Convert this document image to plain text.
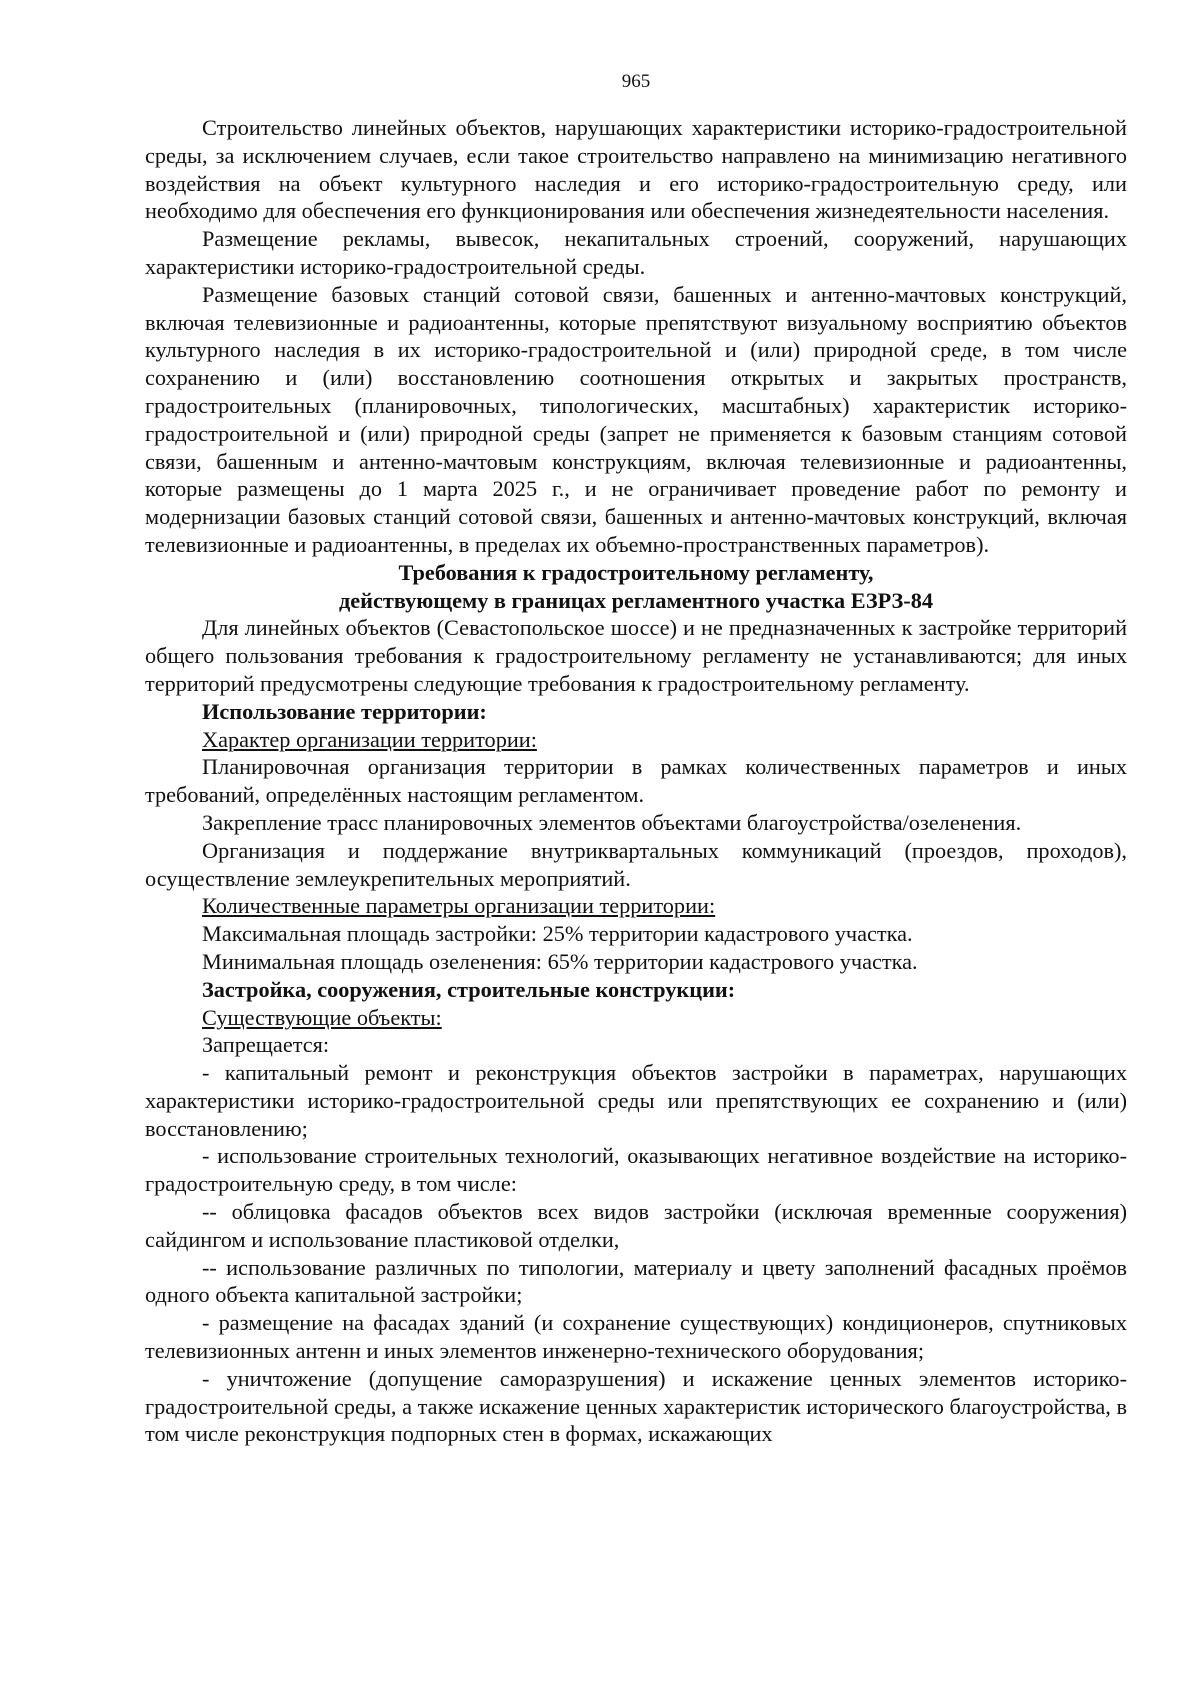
965

Строительство линейных объектов, нарушающих характеристики историко-градостроительной среды, за исключением случаев, если такое строительство направлено на минимизацию негативного воздействия на объект культурного наследия и его историко-градостроительную среду, или необходимо для обеспечения его функционирования или обеспечения жизнедеятельности населения.

Размещение рекламы, вывесок, некапитальных строений, сооружений, нарушающих характеристики историко-градостроительной среды.

Размещение базовых станций сотовой связи, башенных и антенно-мачтовых конструкций, включая телевизионные и радиоантенны, которые препятствуют визуальному восприятию объектов культурного наследия в их историко-градостроительной и (или) природной среде, в том числе сохранению и (или) восстановлению соотношения открытых и закрытых пространств, градостроительных (планировочных, типологических, масштабных) характеристик историко-градостроительной и (или) природной среды (запрет не применяется к базовым станциям сотовой связи, башенным и антенно-мачтовым конструкциям, включая телевизионные и радиоантенны, которые размещены до 1 марта 2025 г., и не ограничивает проведение работ по ремонту и модернизации базовых станций сотовой связи, башенных и антенно-мачтовых конструкций, включая телевизионные и радиоантенны, в пределах их объемно-пространственных параметров).

Требования к градостроительному регламенту,
действующему в границах регламентного участка ЕЗРЗ-84

Для линейных объектов (Севастопольское шоссе) и не предназначенных к застройке территорий общего пользования требования к градостроительному регламенту не устанавливаются; для иных территорий предусмотрены следующие требования к градостроительному регламенту.

Использование территории:

Характер организации территории:

Планировочная организация территории в рамках количественных параметров и иных требований, определённых настоящим регламентом.

Закрепление трасс планировочных элементов объектами благоустройства/озеленения.

Организация и поддержание внутриквартальных коммуникаций (проездов, проходов), осуществление землеукрепительных мероприятий.

Количественные параметры организации территории:

Максимальная площадь застройки: 25% территории кадастрового участка.

Минимальная площадь озеленения: 65% территории кадастрового участка.

Застройка, сооружения, строительные конструкции:

Существующие объекты:

Запрещается:

- капитальный ремонт и реконструкция объектов застройки в параметрах, нарушающих характеристики историко-градостроительной среды или препятствующих ее сохранению и (или) восстановлению;

- использование строительных технологий, оказывающих негативное воздействие на историко-градостроительную среду, в том числе:

-- облицовка фасадов объектов всех видов застройки (исключая временные сооружения) сайдингом и использование пластиковой отделки,

-- использование различных по типологии, материалу и цвету заполнений фасадных проёмов одного объекта капитальной застройки;

- размещение на фасадах зданий (и сохранение существующих) кондиционеров, спутниковых телевизионных антенн и иных элементов инженерно-технического оборудования;

- уничтожение (допущение саморазрушения) и искажение ценных элементов историко-градостроительной среды, а также искажение ценных характеристик исторического благоустройства, в том числе реконструкция подпорных стен в формах, искажающих
